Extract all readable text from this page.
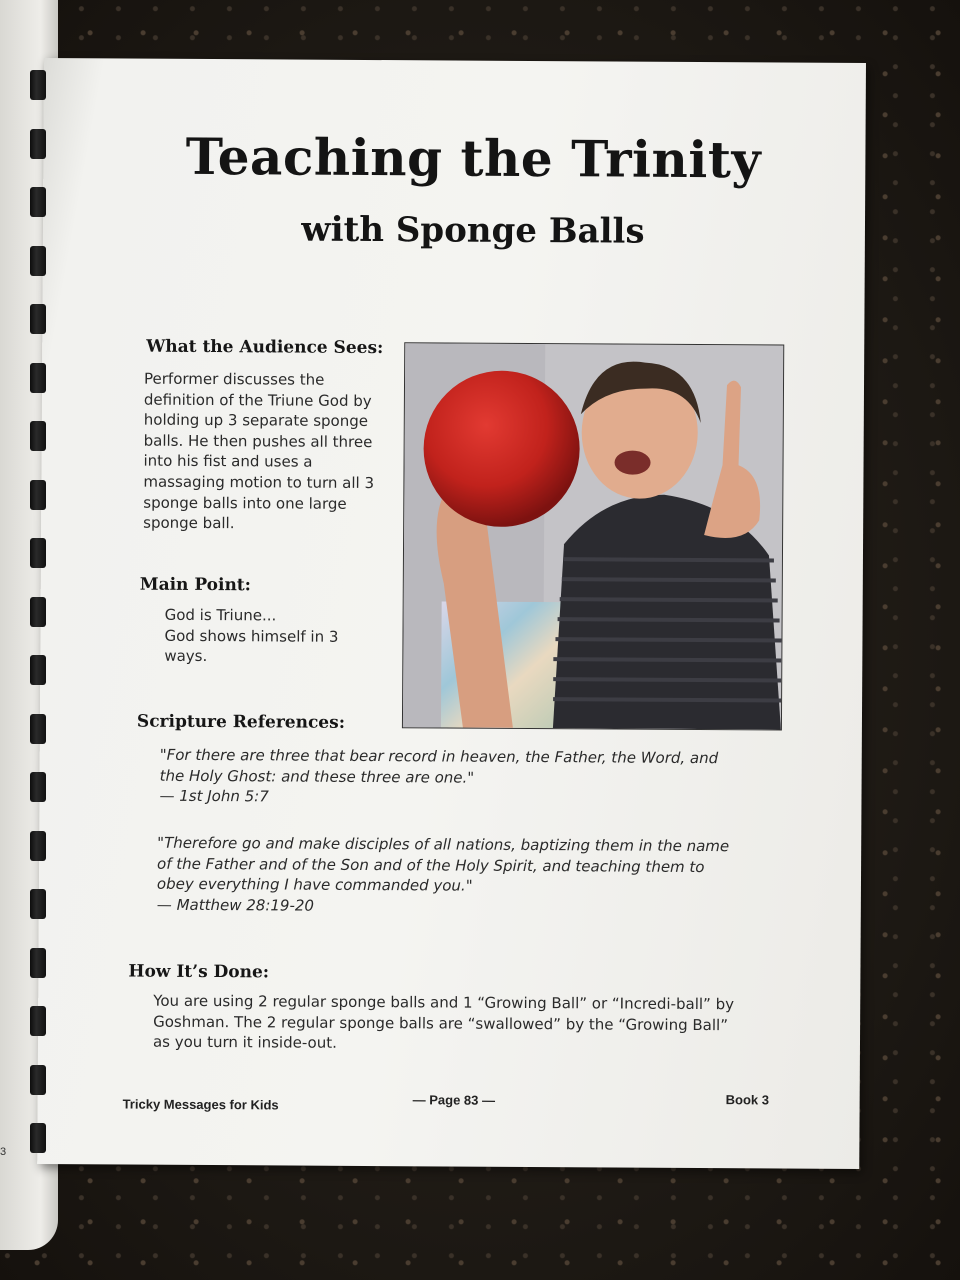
3
Teaching the Trinity
with Sponge Balls
What the Audience Sees:

Performer discusses the

definition of the Triune God by

holding up 3 separate sponge

balls. He then pushes all three

into his fist and uses a

massaging motion to turn all 3

sponge balls into one large

sponge ball.

Main Point:

God is Triune...

God shows himself in 3

ways.

Scripture References:

"For there are three that bear record in heaven, the Father, the Word, and

the Holy Ghost: and these three are one."

— 1st John 5:7

"Therefore go and make disciples of all nations, baptizing them in the name

of the Father and of the Son and of the Holy Spirit, and teaching them to

obey everything I have commanded you."

— Matthew 28:19-20

How It’s Done:

You are using 2 regular sponge balls and 1 “Growing Ball” or “Incredi-ball” by

Goshman. The 2 regular sponge balls are “swallowed” by the “Growing Ball”

as you turn it inside-out.

Tricky Messages for Kids	— Page 83 —	Book 3
